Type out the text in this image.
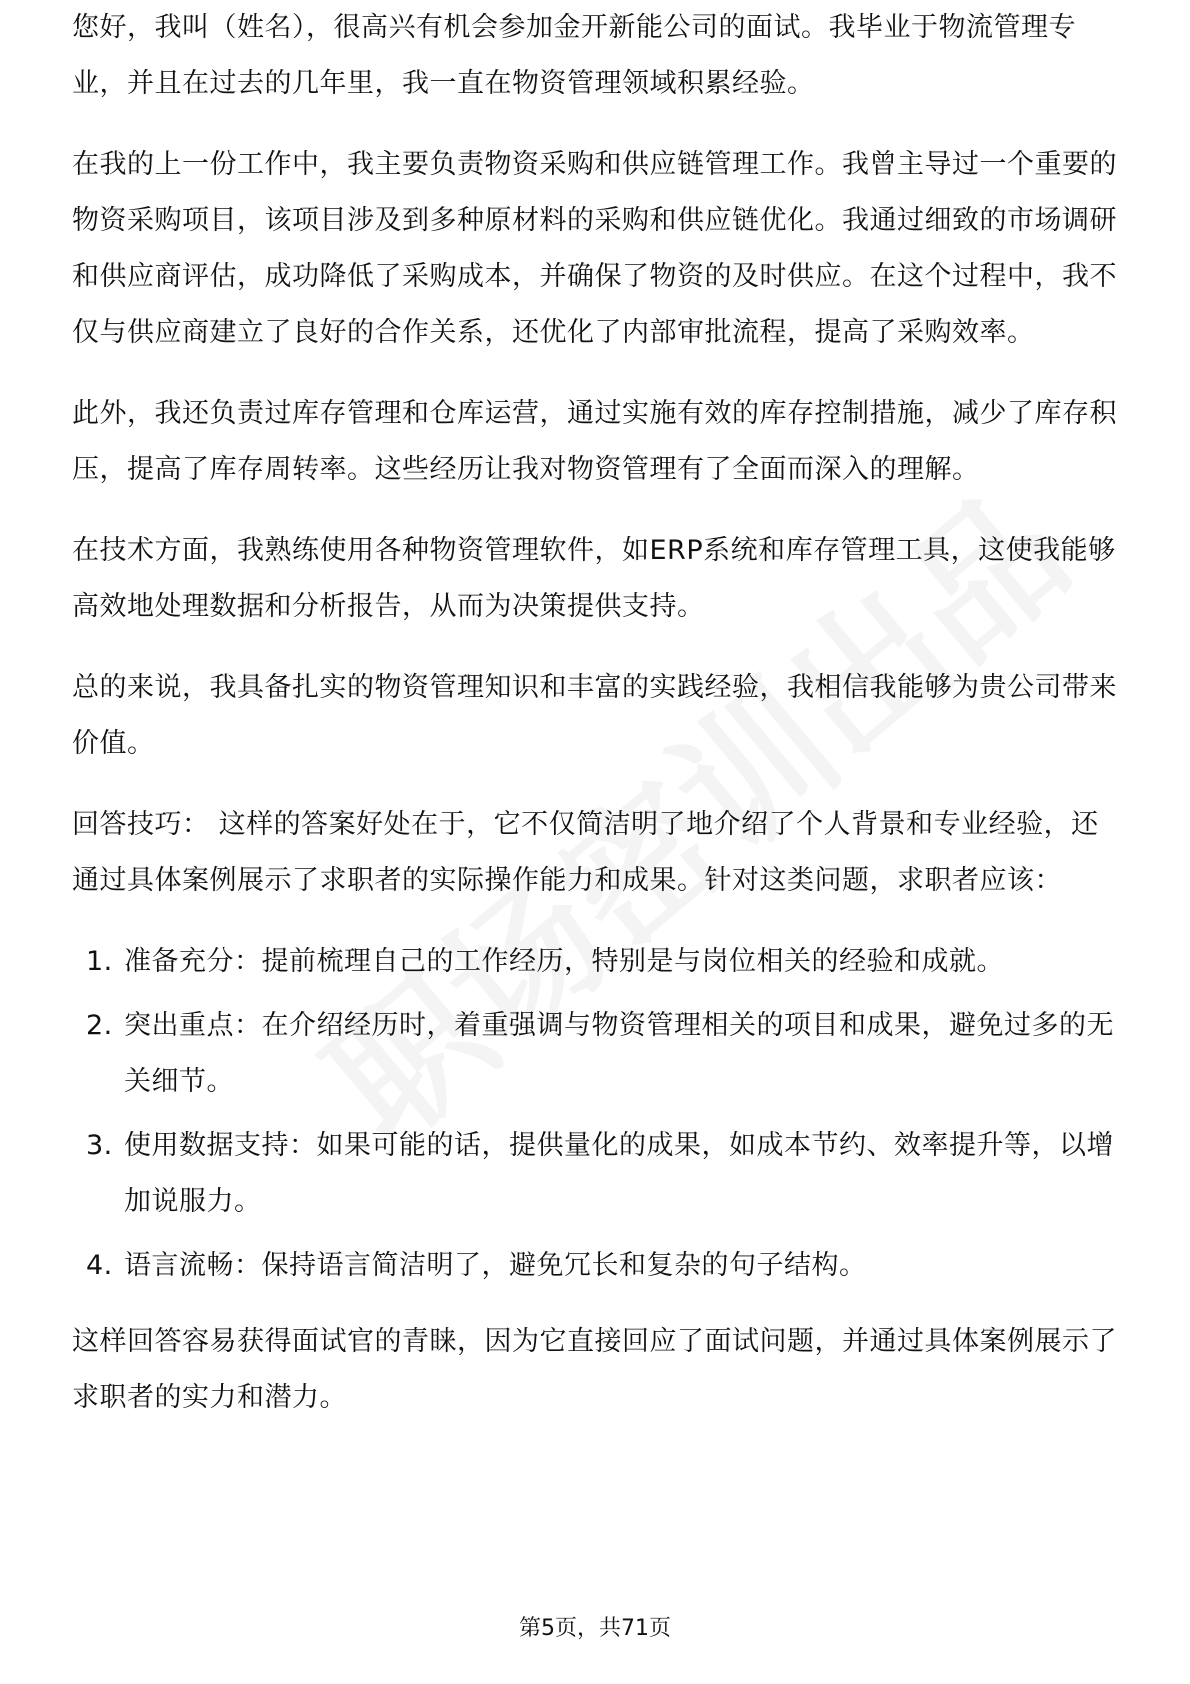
您好，我叫（姓名），很高兴有机会参加金开新能公司的面试。我毕业于物流管理专业，并且在过去的几年里，我一直在物资管理领域积累经验。

在我的上一份工作中，我主要负责物资采购和供应链管理工作。我曾主导过一个重要的物资采购项目，该项目涉及到多种原材料的采购和供应链优化。我通过细致的市场调研和供应商评估，成功降低了采购成本，并确保了物资的及时供应。在这个过程中，我不仅与供应商建立了良好的合作关系，还优化了内部审批流程，提高了采购效率。

此外，我还负责过库存管理和仓库运营，通过实施有效的库存控制措施，减少了库存积压，提高了库存周转率。这些经历让我对物资管理有了全面而深入的理解。

在技术方面，我熟练使用各种物资管理软件，如ERP系统和库存管理工具，这使我能够高效地处理数据和分析报告，从而为决策提供支持。

总的来说，我具备扎实的物资管理知识和丰富的实践经验，我相信我能够为贵公司带来价值。

回答技巧： 这样的答案好处在于，它不仅简洁明了地介绍了个人背景和专业经验，还通过具体案例展示了求职者的实际操作能力和成果。针对这类问题，求职者应该：

1. 准备充分：提前梳理自己的工作经历，特别是与岗位相关的经验和成就。
2. 突出重点：在介绍经历时，着重强调与物资管理相关的项目和成果，避免过多的无关细节。
3. 使用数据支持：如果可能的话，提供量化的成果，如成本节约、效率提升等，以增加说服力。
4. 语言流畅：保持语言简洁明了，避免冗长和复杂的句子结构。

这样回答容易获得面试官的青睐，因为它直接回应了面试问题，并通过具体案例展示了求职者的实力和潜力。

第5页，共71页
